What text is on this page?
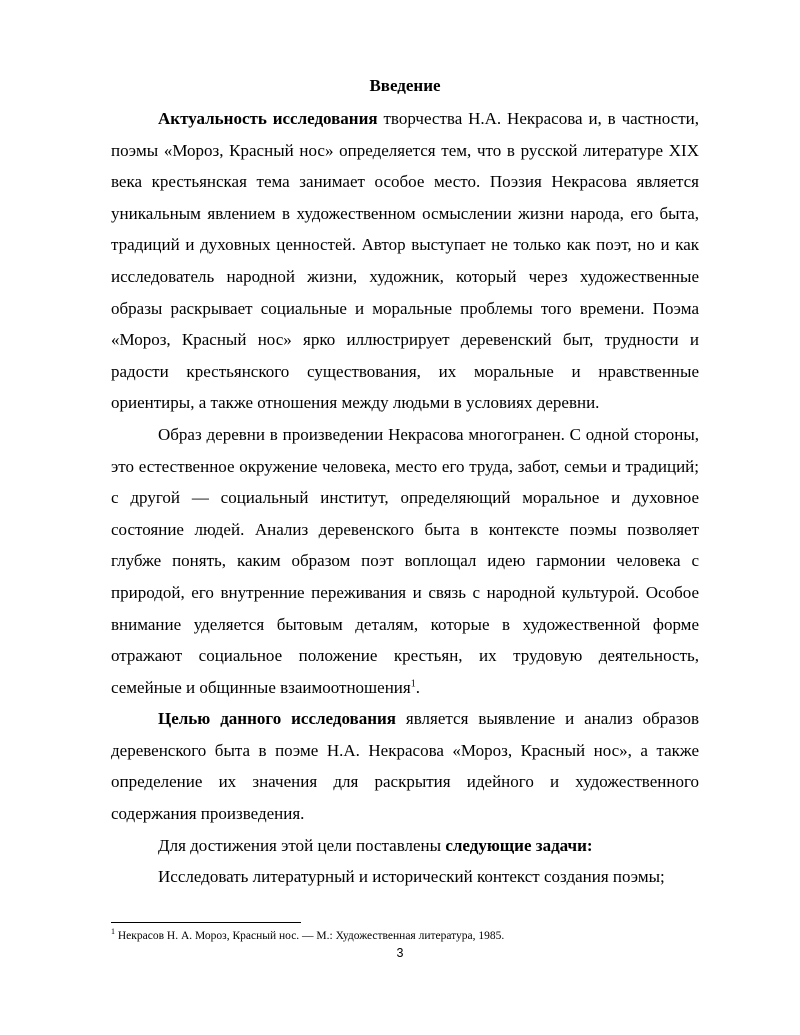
Введение

Актуальность исследования творчества Н.А. Некрасова и, в частности, поэмы «Мороз, Красный нос» определяется тем, что в русской литературе XIX века крестьянская тема занимает особое место. Поэзия Некрасова является уникальным явлением в художественном осмыслении жизни народа, его быта, традиций и духовных ценностей. Автор выступает не только как поэт, но и как исследователь народной жизни, художник, который через художественные образы раскрывает социальные и моральные проблемы того времени. Поэма «Мороз, Красный нос» ярко иллюстрирует деревенский быт, трудности и радости крестьянского существования, их моральные и нравственные ориентиры, а также отношения между людьми в условиях деревни.

Образ деревни в произведении Некрасова многогранен. С одной стороны, это естественное окружение человека, место его труда, забот, семьи и традиций; с другой — социальный институт, определяющий моральное и духовное состояние людей. Анализ деревенского быта в контексте поэмы позволяет глубже понять, каким образом поэт воплощал идею гармонии человека с природой, его внутренние переживания и связь с народной культурой. Особое внимание уделяется бытовым деталям, которые в художественной форме отражают социальное положение крестьян, их трудовую деятельность, семейные и общинные взаимоотношения$^1$.

Целью данного исследования является выявление и анализ образов деревенского быта в поэме Н.А. Некрасова «Мороз, Красный нос», а также определение их значения для раскрытия идейного и художественного содержания произведения.

Для достижения этой цели поставлены следующие задачи:

Исследовать литературный и исторический контекст создания поэмы;

$^1$ Некрасов Н. А. Мороз, Красный нос. — М.: Художественная литература, 1985.
3
